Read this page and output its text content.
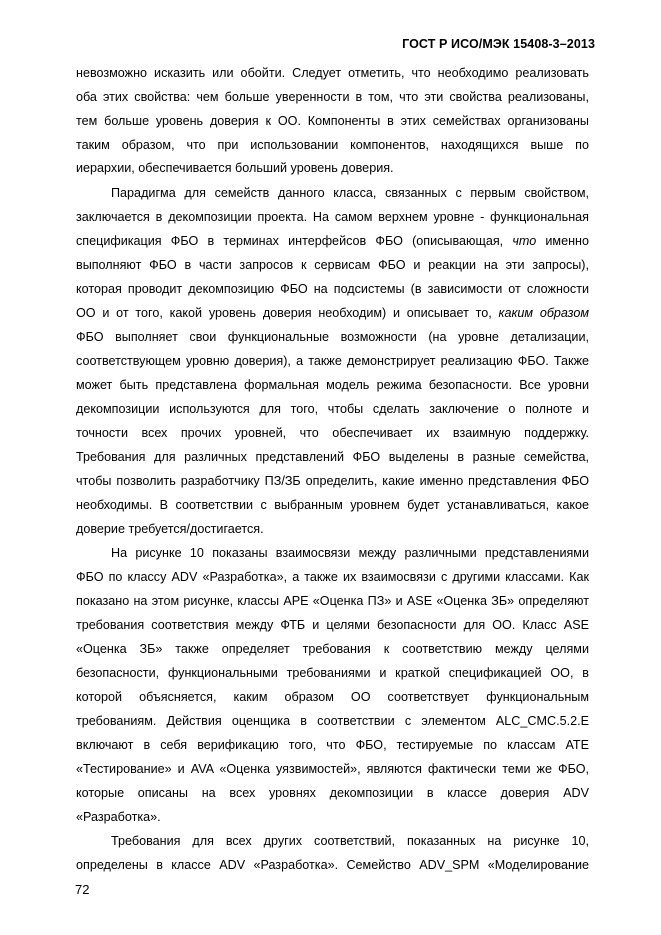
ГОСТ Р ИСО/МЭК 15408-3–2013
невозможно исказить или обойти. Следует отметить, что необходимо реализовать
оба этих свойства: чем больше уверенности в том, что эти свойства реализованы,
тем больше уровень доверия к ОО. Компоненты в этих семействах организованы
таким образом, что при использовании компонентов, находящихся выше по
иерархии, обеспечивается больший уровень доверия.
Парадигма для семейств данного класса, связанных с первым свойством,
заключается в декомпозиции проекта. На самом верхнем уровне - функциональная
спецификация ФБО в терминах интерфейсов ФБО (описывающая, что именно
выполняют ФБО в части запросов к сервисам ФБО и реакции на эти запросы),
которая проводит декомпозицию ФБО на подсистемы (в зависимости от сложности
ОО и от того, какой уровень доверия необходим) и описывает то, каким образом
ФБО выполняет свои функциональные возможности (на уровне детализации,
соответствующем уровню доверия), а также демонстрирует реализацию ФБО. Также
может быть представлена формальная модель режима безопасности. Все уровни
декомпозиции используются для того, чтобы сделать заключение о полноте и
точности всех прочих уровней, что обеспечивает их взаимную поддержку.
Требования для различных представлений ФБО выделены в разные семейства,
чтобы позволить разработчику ПЗ/ЗБ определить, какие именно представления ФБО
необходимы. В соответствии с выбранным уровнем будет устанавливаться, какое
доверие требуется/достигается.
На рисунке 10 показаны взаимосвязи между различными представлениями
ФБО по классу ADV «Разработка», а также их взаимосвязи с другими классами. Как
показано на этом рисунке, классы APE «Оценка ПЗ» и ASE «Оценка ЗБ» определяют
требования соответствия между ФТБ и целями безопасности для ОО. Класс ASE
«Оценка ЗБ» также определяет требования к соответствию между целями
безопасности, функциональными требованиями и краткой спецификацией ОО, в
которой объясняется, каким образом ОО соответствует функциональным
требованиям. Действия оценщика в соответствии с элементом ALC_CMC.5.2.E
включают в себя верификацию того, что ФБО, тестируемые по классам ATE
«Тестирование» и AVA «Оценка уязвимостей», являются фактически теми же ФБО,
которые описаны на всех уровнях декомпозиции в классе доверия ADV
«Разработка».
Требования для всех других соответствий, показанных на рисунке 10,
определены в классе ADV «Разработка». Семейство ADV_SPM «Моделирование
72
